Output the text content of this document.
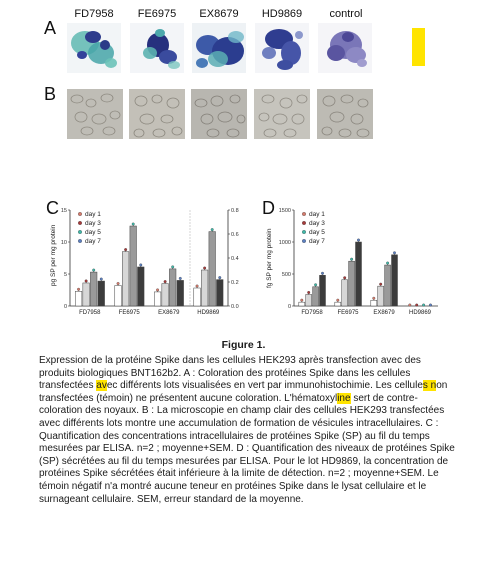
A
B
FD7958	FE6975	EX8679	HD9869	control
C
pg SP per mg protein
0
5
10
15
0.0
0.2
0.4
0.6
0.8
FD7958	FE6975	EX8679	HD9869
day 1
day 3
day 5
day 7
D
fg SP per mg protein
0
500
1000
1500
FD7958 FE6975 EX8679 HD9869
day 1
day 3
day 5
day 7
Figure 1.
Expression de la protéine Spike dans les cellules HEK293 après transfection avec des produits biologiques BNT162b2. A : Coloration des protéines Spike dans les cellules transfectées avec différents lots visualisées en vert par immunohistochimie. Les cellules non transfectées (témoin) ne présentent aucune coloration. L'hématoxyline sert de contre-coloration des noyaux. B : La microscopie en champ clair des cellules HEK293 transfectées avec différents lots montre une accumulation de formation de vésicules intracellulaires. C : Quantification des concentrations intracellulaires de protéines Spike (SP) au fil du temps mesurées par ELISA. n=2 ; moyenne+SEM. D : Quantification des niveaux de protéines Spike (SP) sécrétées au fil du temps mesurées par ELISA. Pour le lot HD9869, la concentration de protéines Spike sécrétées était inférieure à la limite de détection. n=2 ; moyenne+SEM. Le témoin négatif n'a montré aucune teneur en protéines Spike dans le lysat cellulaire et le surnageant cellulaire. SEM, erreur standard de la moyenne.
